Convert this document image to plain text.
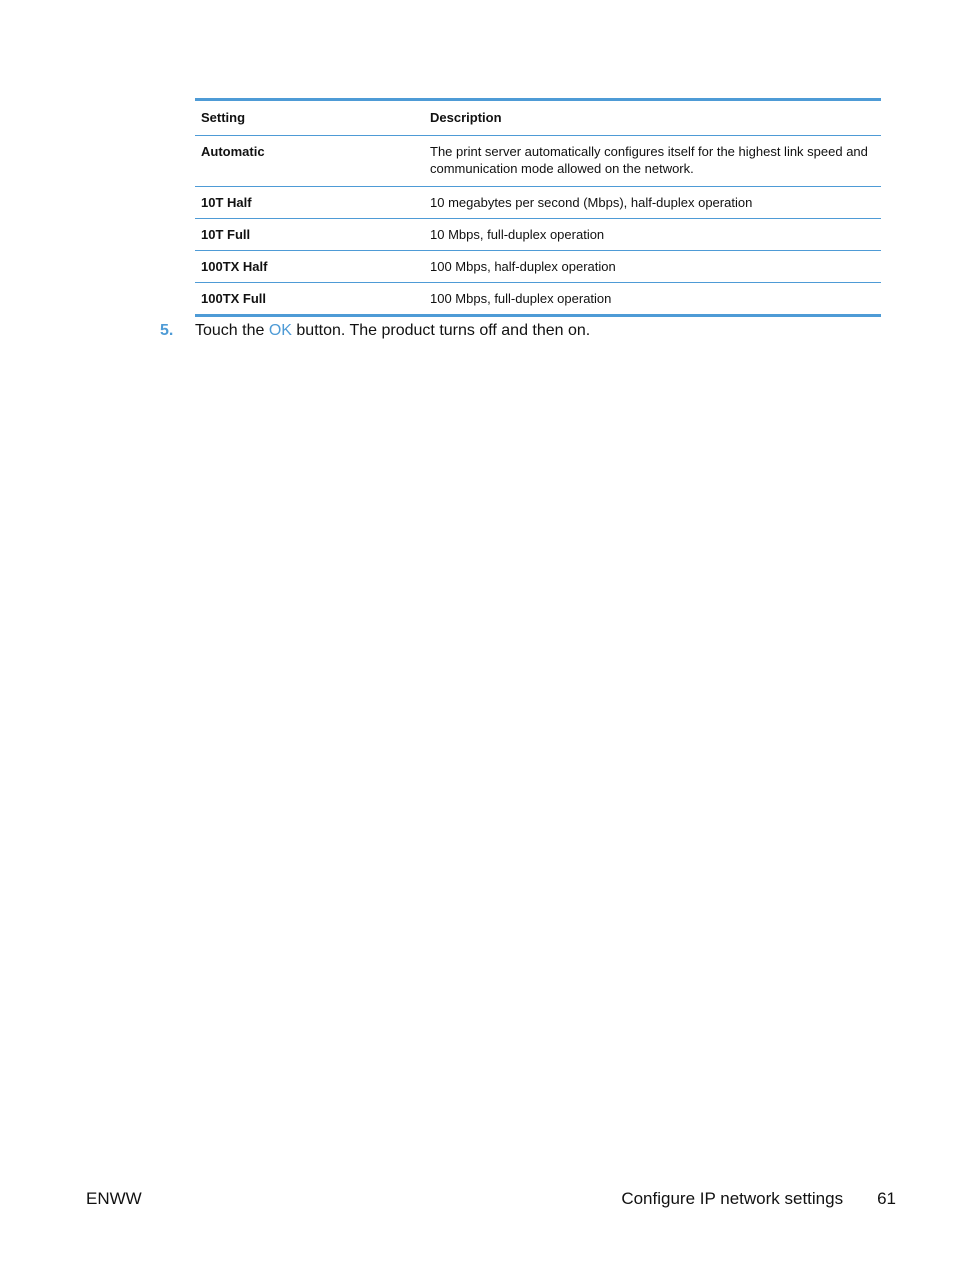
Setting	Description
Automatic	The print server automatically configures itself for the highest link speed and communication mode allowed on the network.
10T Half	10 megabytes per second (Mbps), half-duplex operation
10T Full	10 Mbps, full-duplex operation
100TX Half	100 Mbps, half-duplex operation
100TX Full	100 Mbps, full-duplex operation
5. Touch the OK button. The product turns off and then on.
ENWW	Configure IP network settings 61
